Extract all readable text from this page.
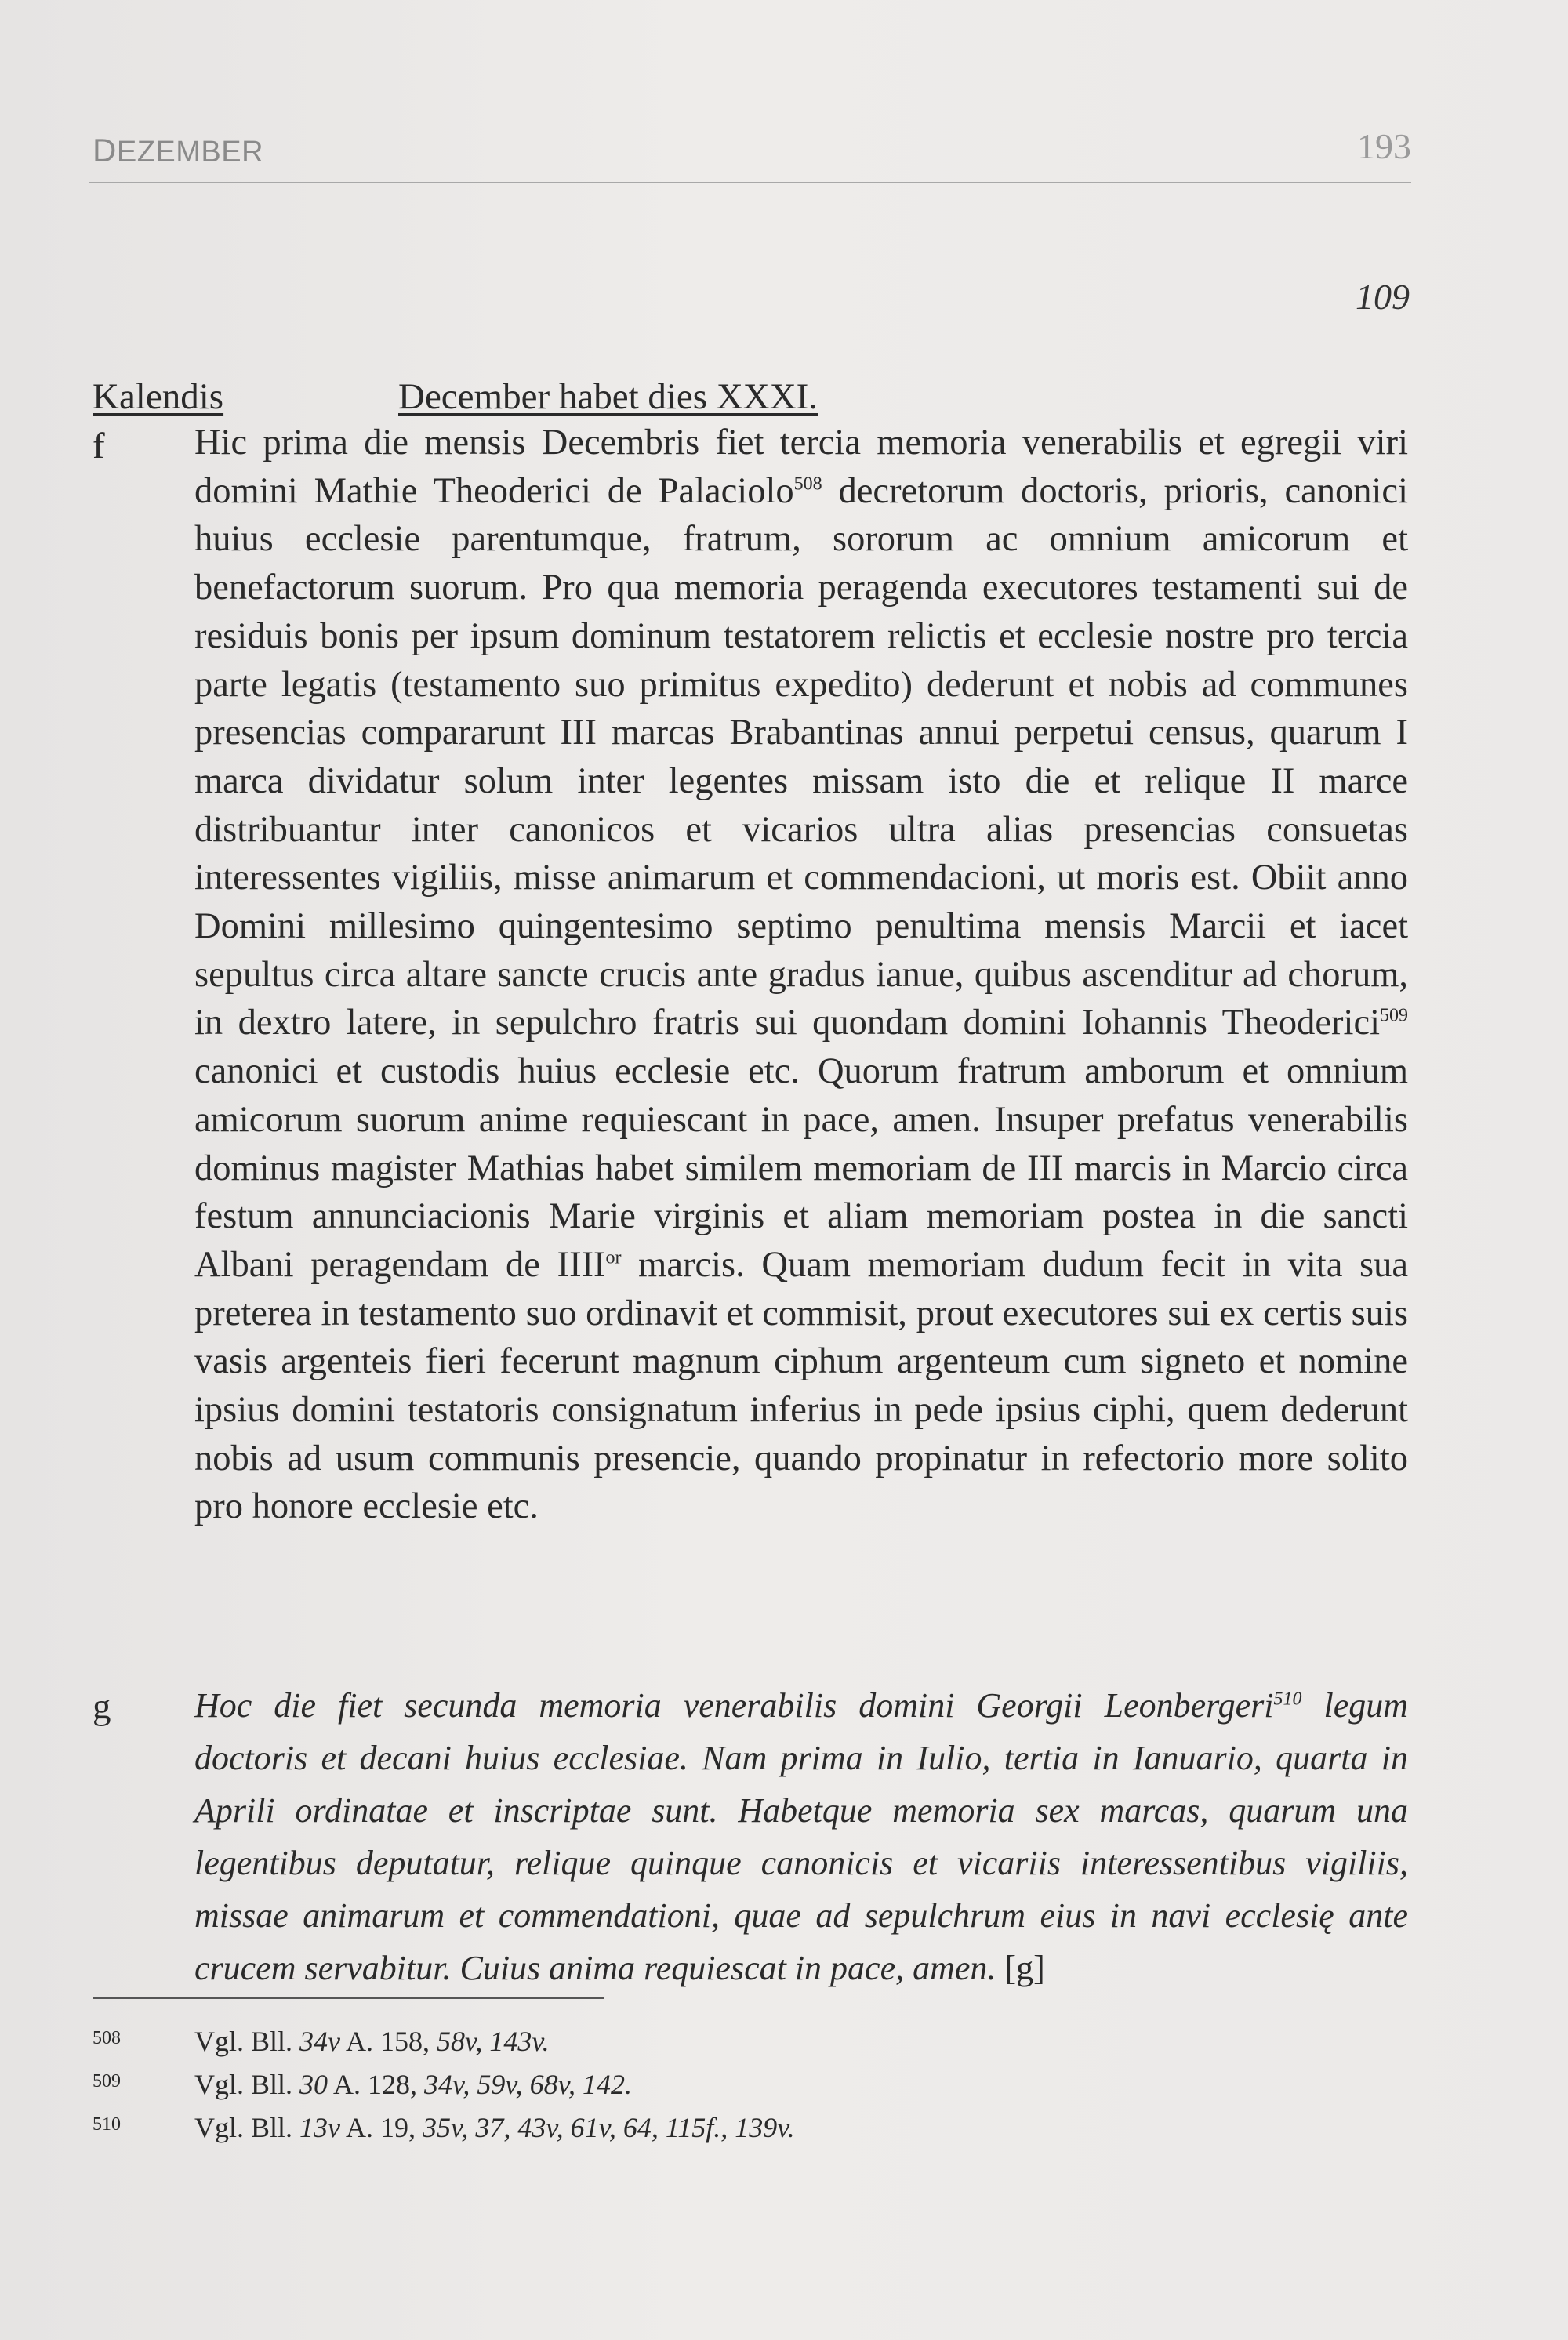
DEZEMBER	193
109
Kalendis	December habet dies XXXI.
f Hic prima die mensis Decembris fiet tercia memoria venerabilis et egregii viri domini Mathie Theoderici de Palaciolo$^{508}$ decretorum doctoris, prioris, canonici huius ecclesie parentumque, fratrum, sororum ac omnium amicorum et benefactorum suorum. Pro qua memoria peragenda executores testamenti sui de residuis bonis per ipsum dominum testatorem relictis et ecclesie nostre pro tercia parte legatis (testamento suo primitus expedito) dederunt et nobis ad communes presencias compararunt III marcas Brabantinas annui perpetui census, quarum I marca dividatur solum inter legentes missam isto die et relique II marce distribuantur inter canonicos et vicarios ultra alias presencias consuetas interessentes vigiliis, misse animarum et commendacioni, ut moris est. Obiit anno Domini millesimo quingentesimo septimo penultima mensis Marcii et iacet sepultus circa altare sancte crucis ante gradus ianue, quibus ascenditur ad chorum, in dextro latere, in sepulchro fratris sui quondam domini Iohannis Theoderici$^{509}$ canonici et custodis huius ecclesie etc. Quorum fratrum amborum et omnium amicorum suorum anime requiescant in pace, amen. Insuper prefatus venerabilis dominus magister Mathias habet similem memoriam de III marcis in Marcio circa festum annunciacionis Marie virginis et aliam memoriam postea in die sancti Albani peragendam de $IIII^{or}$ marcis. Quam memoriam dudum fecit in vita sua preterea in testamento suo ordinavit et commisit, prout executores sui ex certis suis vasis argenteis fieri fecerunt magnum ciphum argenteum cum signeto et nomine ipsius domini testatoris consignatum inferius in pede ipsius ciphi, quem dederunt nobis ad usum communis presencie, quando propinatur in refectorio more solito pro honore ecclesie etc.
g Hoc die fiet secunda memoria venerabilis domini Georgii Leonbergeri$^{510}$ legum doctoris et decani huius ecclesiae. Nam prima in Iulio, tertia in Ianuario, quarta in Aprili ordinatae et inscriptae sunt. Habetque memoria sex marcas, quarum una legentibus deputatur, relique quinque canonicis et vicariis interessentibus vigiliis, missae animarum et commendationi, quae ad sepulchrum eius in navi ecclesię ante crucem servabitur. Cuius anima requiescat in pace, amen. [g]
508	Vgl. Bll. 34v A. 158, 58v, 143v.
509	Vgl. Bll. 30 A. 128, 34v, 59v, 68v, 142.
510	Vgl. Bll. 13v A. 19, 35v, 37, 43v, 61v, 64, 115f., 139v.
